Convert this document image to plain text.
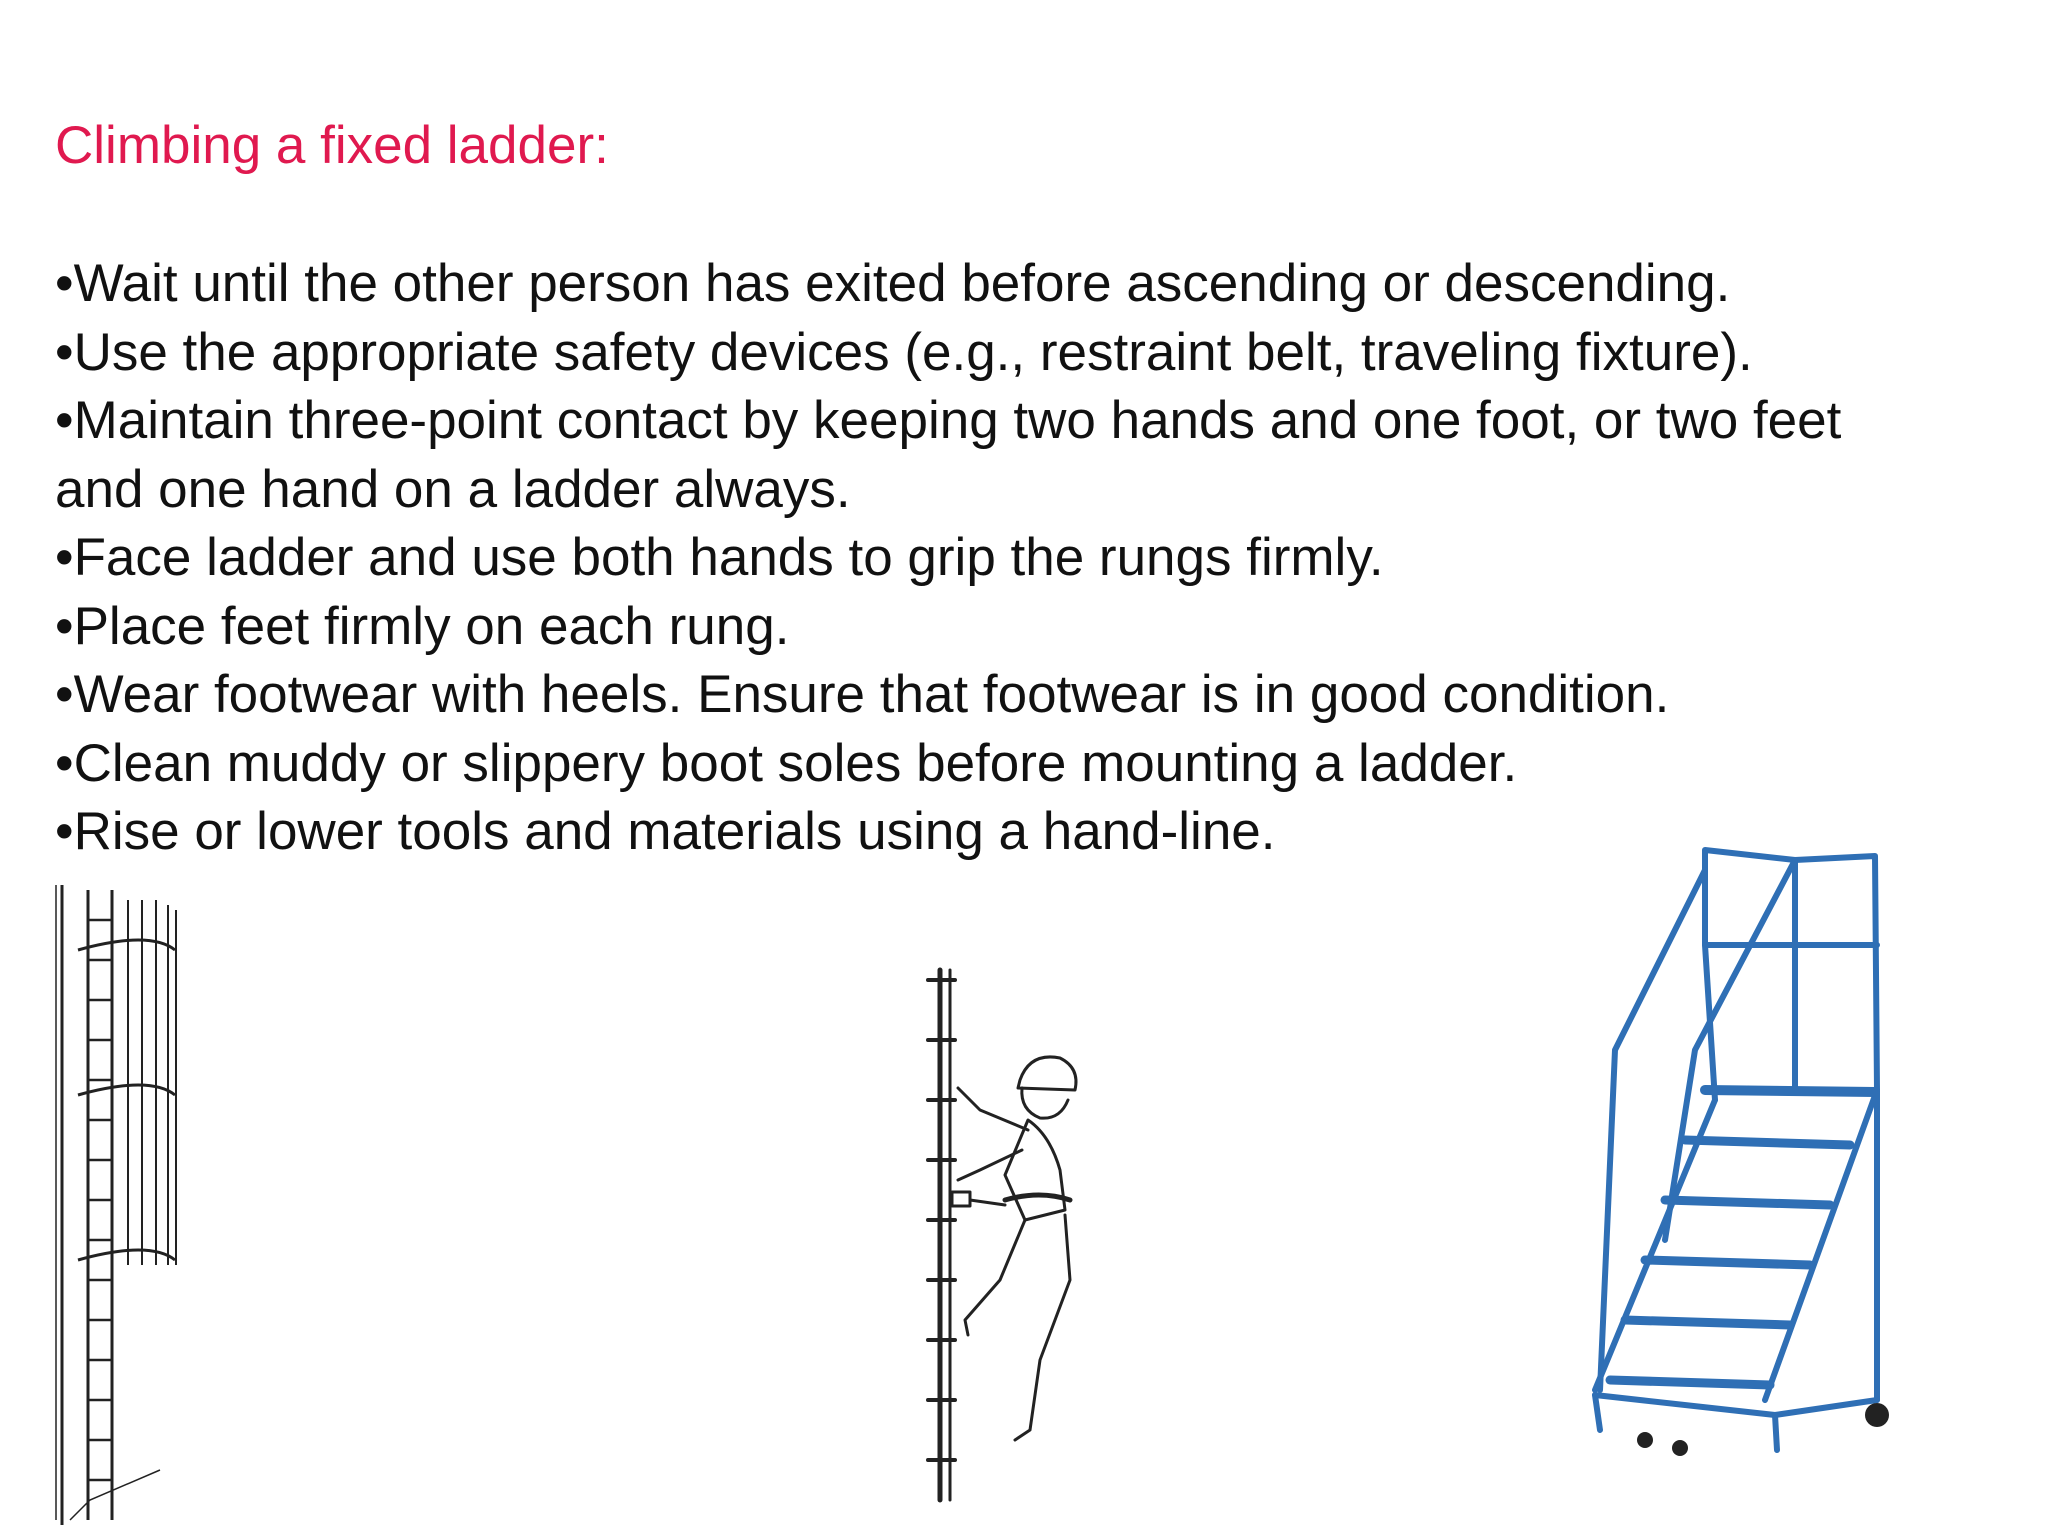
Climbing a fixed ladder:
•Wait until the other person has exited before ascending or descending.
•Use the appropriate safety devices (e.g., restraint belt, traveling fixture).
•Maintain three-point contact by keeping two hands and one foot, or two feet and one hand on a ladder always.
•Face ladder and use both hands to grip the rungs firmly.
•Place feet firmly on each rung.
•Wear footwear with heels. Ensure that footwear is in good condition.
•Clean muddy or slippery boot soles before mounting a ladder.
•Rise or lower tools and materials using a hand-line.
